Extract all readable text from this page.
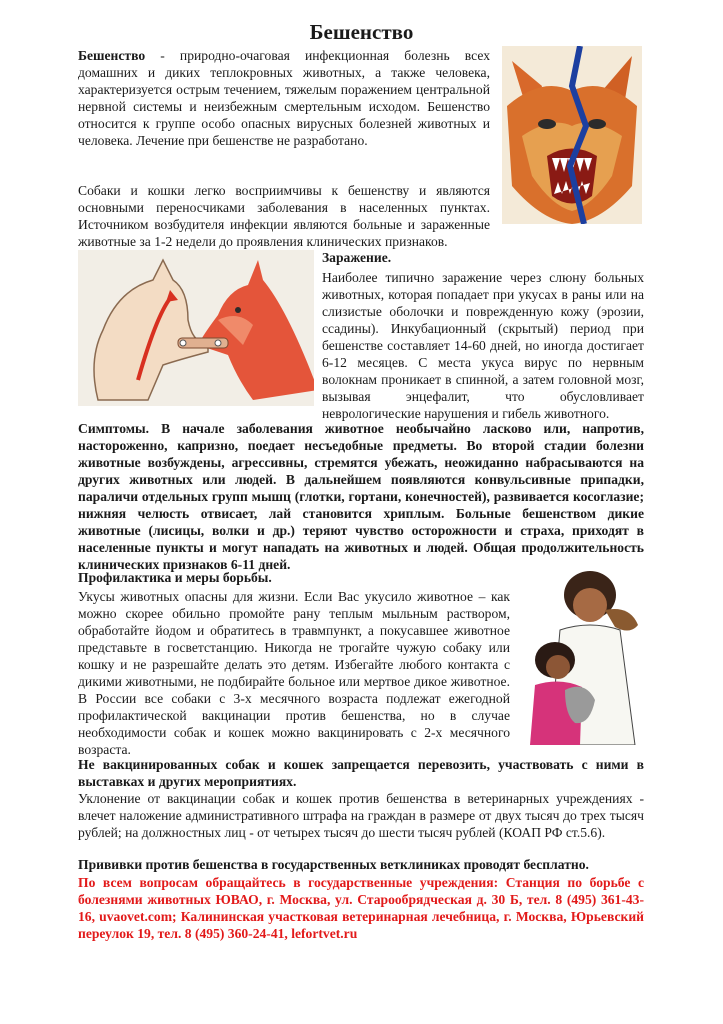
Бешенство

Бешенство - природно-очаговая инфекционная болезнь всех домашних и диких теплокровных животных, а также человека, характеризуется острым течением, тяжелым поражением центральной нервной системы и неизбежным смертельным исходом. Бешенство относится к группе особо опасных вирусных болезней животных и человека. Лечение при бешенстве не разработано.

Собаки и кошки легко восприимчивы к бешенству и являются основными переносчиками заболевания в населенных пунктах. Источником возбудителя инфекции являются больные и зараженные животные за 1-2 недели до проявления клинических признаков.

Заражение.

Наиболее типично заражение через слюну больных животных, которая попадает при укусах в раны или на слизистые оболочки и поврежденную кожу (эрозии, ссадины). Инкубационный (скрытый) период при бешенстве составляет 14-60 дней, но иногда достигает 6-12 месяцев. С места укуса вирус по нервным волокнам проникает в спинной, а затем головной мозг, вызывая энцефалит, что обусловливает неврологические нарушения и гибель животного.

Симптомы. В начале заболевания животное необычайно ласково или, напротив, настороженно, капризно, поедает несъедобные предметы. Во второй стадии болезни животные возбуждены, агрессивны, стремятся убежать, неожиданно набрасываются на других животных или людей. В дальнейшем появляются конвульсивные припадки, параличи отдельных групп мышц (глотки, гортани, конечностей), развивается косоглазие; нижняя челюсть отвисает, лай становится хриплым. Больные бешенством дикие животные (лисицы, волки и др.) теряют чувство осторожности и страха, приходят в населенные пункты и могут нападать на животных и людей. Общая продолжительность клинических признаков 6-11 дней.

Профилактика и меры борьбы.

Укусы животных опасны для жизни. Если Вас укусило животное – как можно скорее обильно промойте рану теплым мыльным раствором, обработайте йодом и обратитесь в травмпункт, а покусавшее животное представьте в госветстанцию. Никогда не трогайте чужую собаку или кошку и не разрешайте делать это детям. Избегайте любого контакта с дикими животными, не подбирайте больное или мертвое дикое животное. В России все собаки с 3-х месячного возраста подлежат ежегодной профилактической вакцинации против бешенства, но в случае необходимости собак и кошек можно вакцинировать с 2-х месячного возраста.

Не вакцинированных собак и кошек запрещается перевозить, участвовать с ними в выставках и других мероприятиях.

Уклонение от вакцинации собак и кошек против бешенства в ветеринарных учреждениях - влечет наложение административного штрафа на граждан в размере от двух тысяч до трех тысяч рублей; на должностных лиц - от четырех тысяч до шести тысяч рублей (КОАП РФ ст.5.6).

Прививки против бешенства в государственных ветклиниках проводят бесплатно.

По всем вопросам обращайтесь в государственные учреждения: Станция по борьбе с болезнями животных ЮВАО, г. Москва, ул. Старообрядческая д. 30 Б, тел. 8 (495) 361-43-16, uvaovet.com; Калининская участковая ветеринарная лечебница, г. Москва, Юрьевский переулок 19, тел. 8 (495) 360-24-41, lefortvet.ru
